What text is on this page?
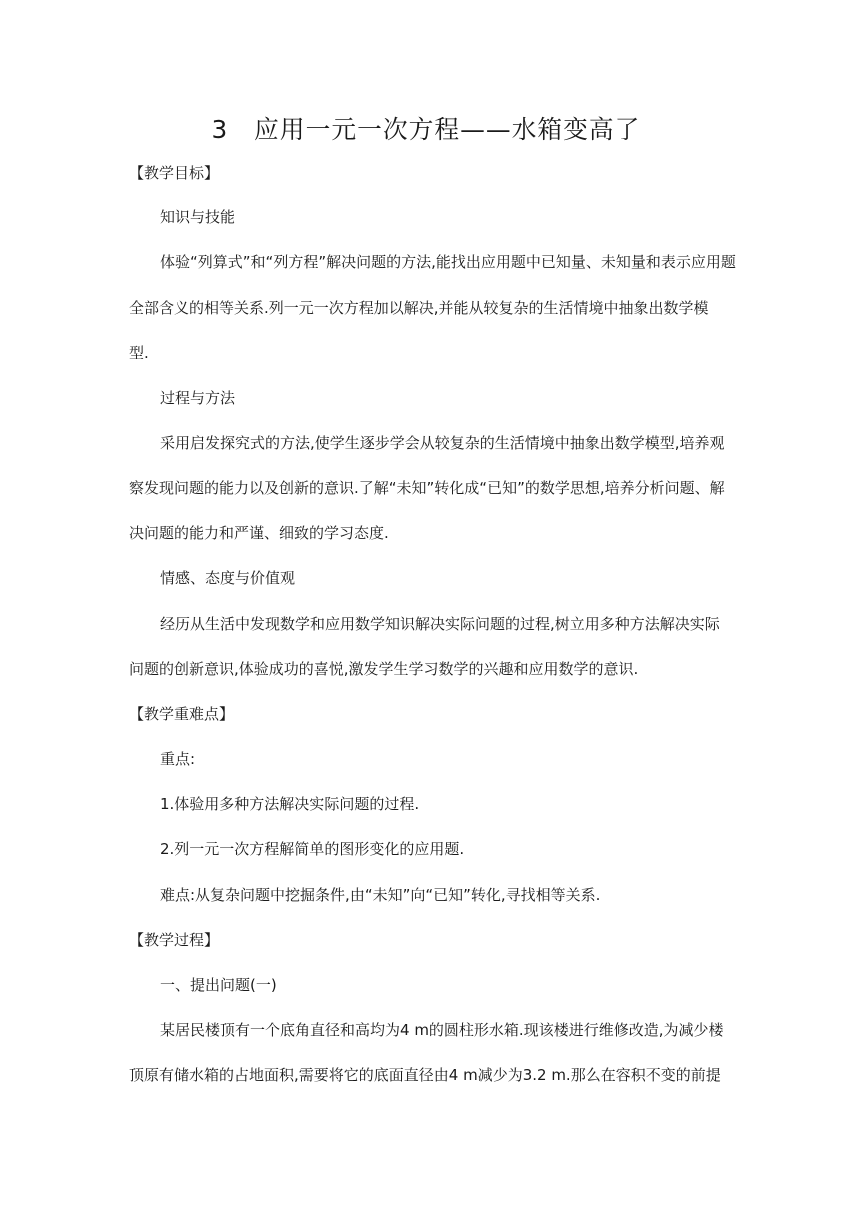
3　应用一元一次方程——水箱变高了
【教学目标】
知识与技能
体验“列算式”和“列方程”解决问题的方法,能找出应用题中已知量、未知量和表示应用题
全部含义的相等关系.列一元一次方程加以解决,并能从较复杂的生活情境中抽象出数学模
型.
过程与方法
采用启发探究式的方法,使学生逐步学会从较复杂的生活情境中抽象出数学模型,培养观
察发现问题的能力以及创新的意识.了解“未知”转化成“已知”的数学思想,培养分析问题、解
决问题的能力和严谨、细致的学习态度.
情感、态度与价值观
经历从生活中发现数学和应用数学知识解决实际问题的过程,树立用多种方法解决实际
问题的创新意识,体验成功的喜悦,激发学生学习数学的兴趣和应用数学的意识.
【教学重难点】
重点:
1.体验用多种方法解决实际问题的过程.
2.列一元一次方程解简单的图形变化的应用题.
难点:从复杂问题中挖掘条件,由“未知”向“已知”转化,寻找相等关系.
【教学过程】
一、提出问题(一)
某居民楼顶有一个底角直径和高均为4 m的圆柱形水箱.现该楼进行维修改造,为减少楼
顶原有储水箱的占地面积,需要将它的底面直径由4 m减少为3.2 m.那么在容积不变的前提
